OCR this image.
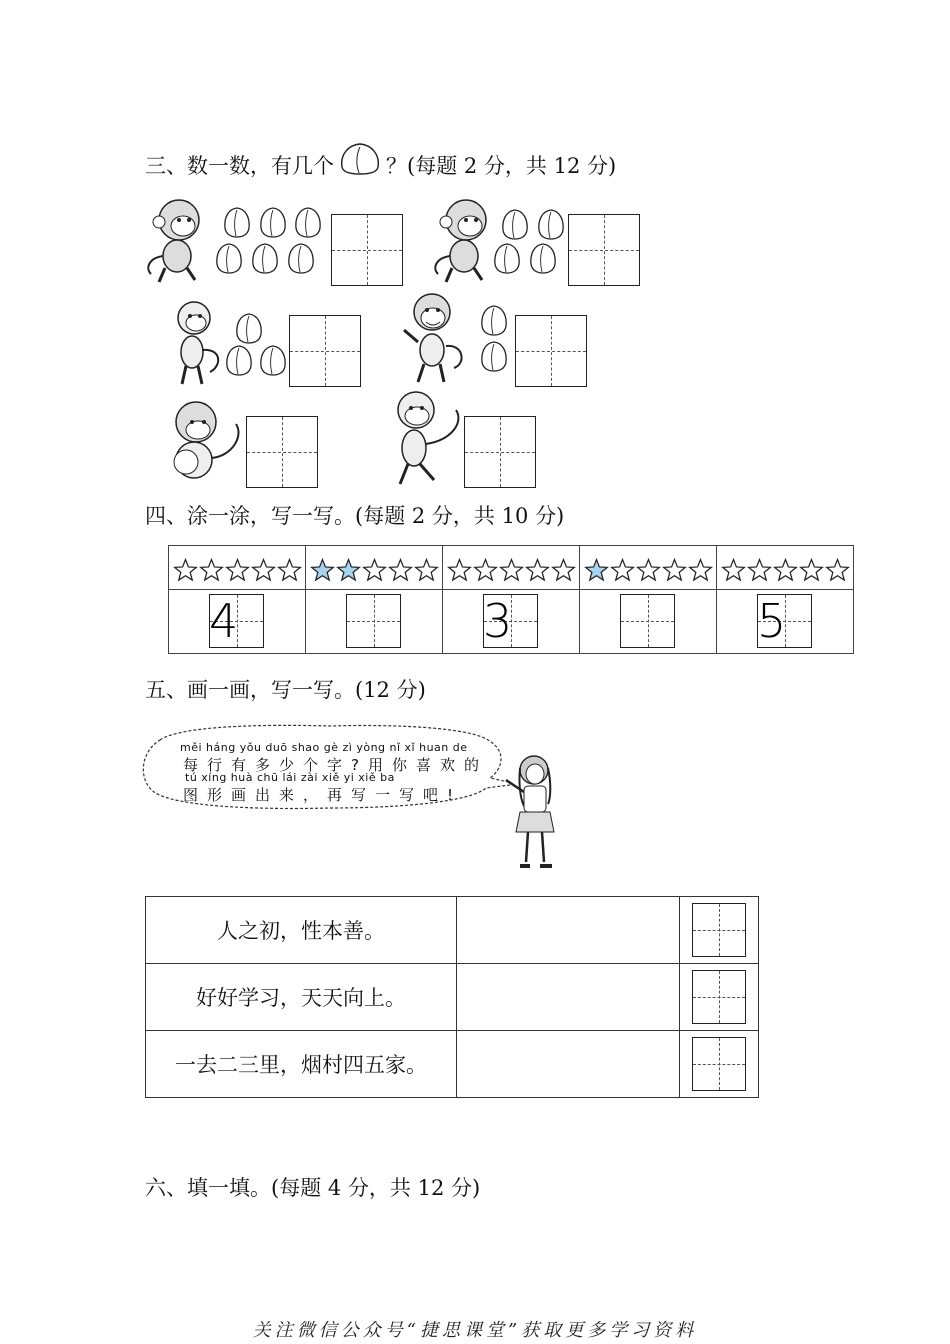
三、数一数，有几个 ？(每题 2 分，共 12 分)
四、涂一涂，写一写。(每题 2 分，共 10 分)

4		3		5
五、画一画，写一写。(12 分)
měi háng yǒu duō shao gè zì yòng nǐ xǐ huan de
每行有多少个字?用你喜欢的
tú xíng huà chū lái zài xiě yi xiě ba
图形画出来，再写一写吧!
人之初，性本善。		

好好学习，天天向上。		

一去二三里，烟村四五家。		
六、填一填。(每题 4 分，共 12 分)
关注微信公众号“捷思课堂”获取更多学习资料
